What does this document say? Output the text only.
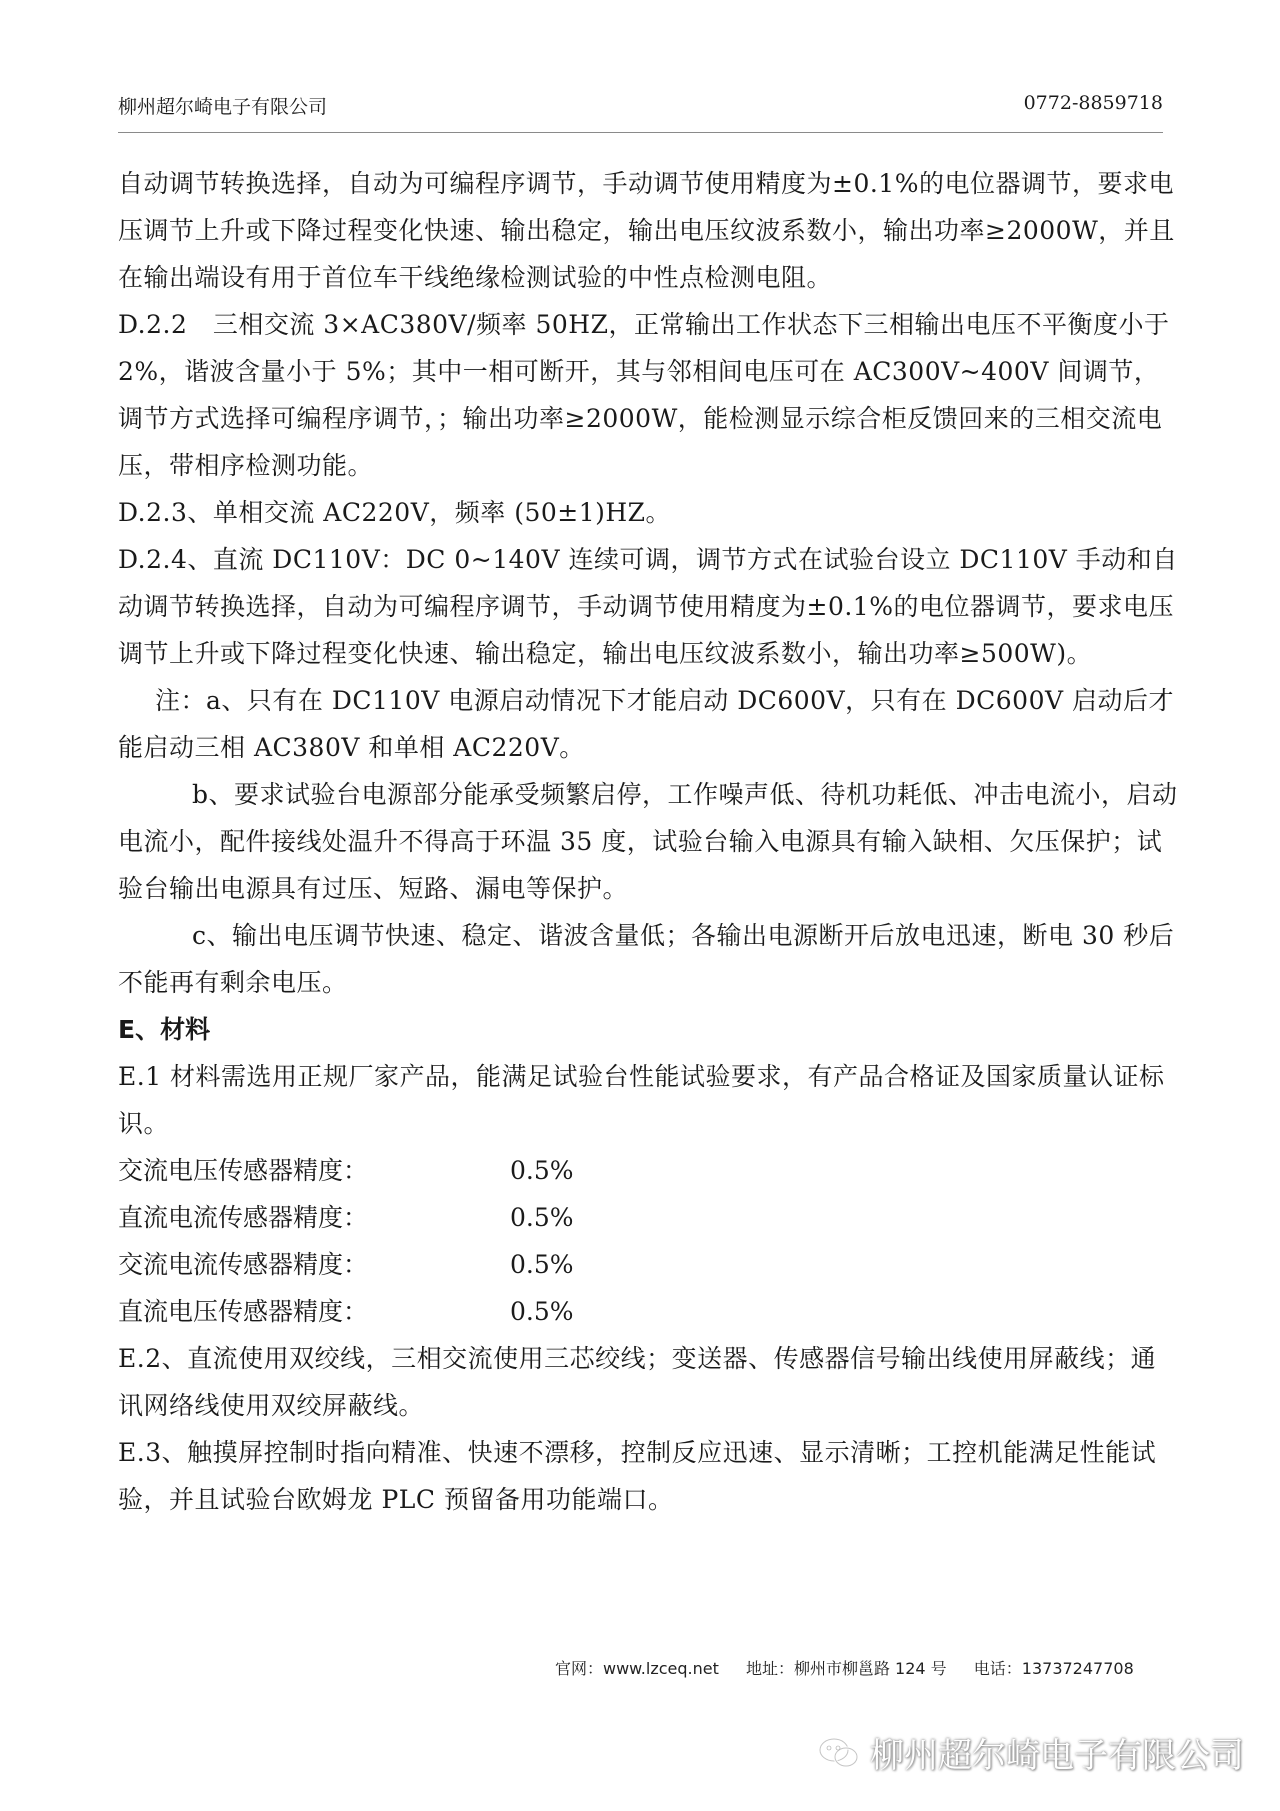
柳州超尔崎电子有限公司	0772-8859718

自动调节转换选择，自动为可编程序调节，手动调节使用精度为±0.1%的电位器调节，要求电压调节上升或下降过程变化快速、输出稳定，输出电压纹波系数小，输出功率≥2000W，并且在输出端设有用于首位车干线绝缘检测试验的中性点检测电阻。

D.2.2　三相交流 3×AC380V/频率 50HZ，正常输出工作状态下三相输出电压不平衡度小于 2%，谐波含量小于 5%；其中一相可断开，其与邻相间电压可在 AC300V~400V 间调节，调节方式选择可编程序调节，；输出功率≥2000W，能检测显示综合柜反馈回来的三相交流电压，带相序检测功能。

D.2.3、单相交流 AC220V，频率 (50±1)HZ。

D.2.4、直流 DC110V：DC 0~140V 连续可调，调节方式在试验台设立 DC110V 手动和自动调节转换选择，自动为可编程序调节，手动调节使用精度为±0.1%的电位器调节，要求电压调节上升或下降过程变化快速、输出稳定，输出电压纹波系数小，输出功率≥500W)。

注：a、只有在 DC110V 电源启动情况下才能启动 DC600V，只有在 DC600V 启动后才能启动三相 AC380V 和单相 AC220V。

b、要求试验台电源部分能承受频繁启停，工作噪声低、待机功耗低、冲击电流小，启动电流小，配件接线处温升不得高于环温 35 度，试验台输入电源具有输入缺相、欠压保护；试验台输出电源具有过压、短路、漏电等保护。

c、输出电压调节快速、稳定、谐波含量低；各输出电源断开后放电迅速，断电 30 秒后不能再有剩余电压。

E、材料

E.1 材料需选用正规厂家产品，能满足试验台性能试验要求，有产品合格证及国家质量认证标识。

交流电压传感器精度：	0.5%
直流电流传感器精度：	0.5%
交流电流传感器精度：	0.5%
直流电压传感器精度：	0.5%

E.2、直流使用双绞线，三相交流使用三芯绞线；变送器、传感器信号输出线使用屏蔽线；通讯网络线使用双绞屏蔽线。

E.3、触摸屏控制时指向精准、快速不漂移，控制反应迅速、显示清晰；工控机能满足性能试验，并且试验台欧姆龙 PLC 预留备用功能端口。

官网：www.lzceq.net 地址：柳州市柳邕路 124 号 电话：13737247708
柳州超尔崎电子有限公司
